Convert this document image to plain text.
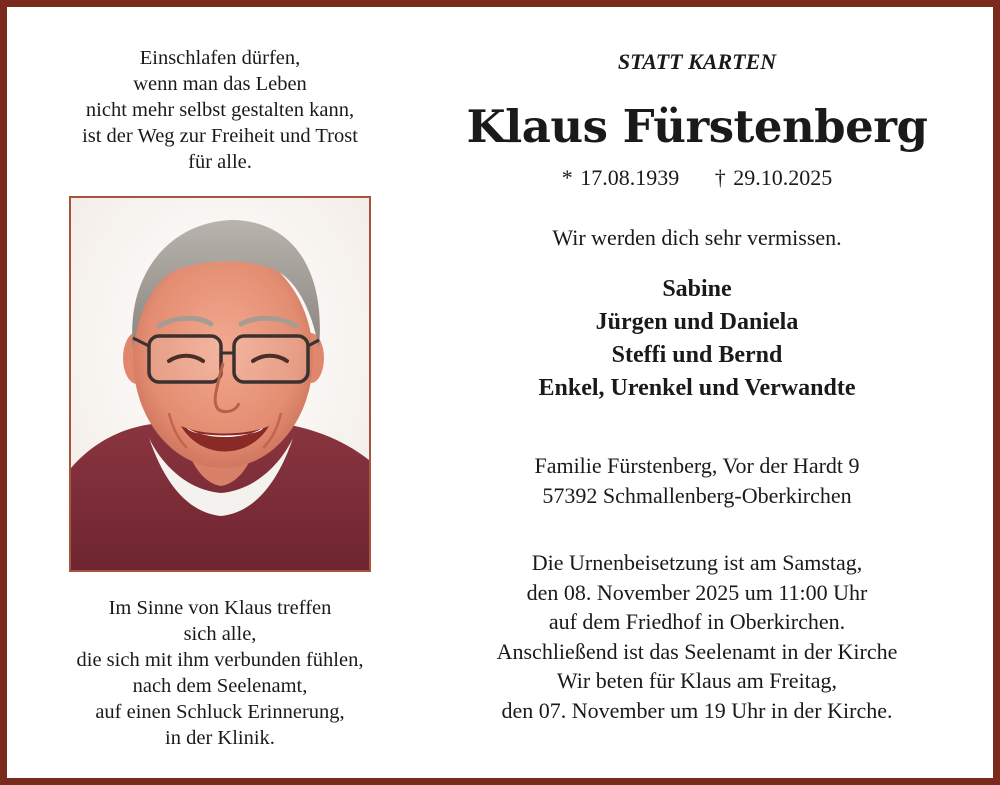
Einschlafen dürfen,
wenn man das Leben
nicht mehr selbst gestalten kann,
ist der Weg zur Freiheit und Trost
für alle.
Im Sinne von Klaus treffen
sich alle,
die sich mit ihm verbunden fühlen,
nach dem Seelenamt,
auf einen Schluck Erinnerung,
in der Klinik.
STATT KARTEN
Klaus Fürstenberg
* 17.08.1939 † 29.10.2025
Wir werden dich sehr vermissen.
Sabine
Jürgen und Daniela
Steffi und Bernd
Enkel, Urenkel und Verwandte
Familie Fürstenberg, Vor der Hardt 9
57392 Schmallenberg-Oberkirchen
Die Urnenbeisetzung ist am Samstag,
den 08. November 2025 um 11:00 Uhr
auf dem Friedhof in Oberkirchen.
Anschließend ist das Seelenamt in der Kirche
Wir beten für Klaus am Freitag,
den 07. November um 19 Uhr in der Kirche.
